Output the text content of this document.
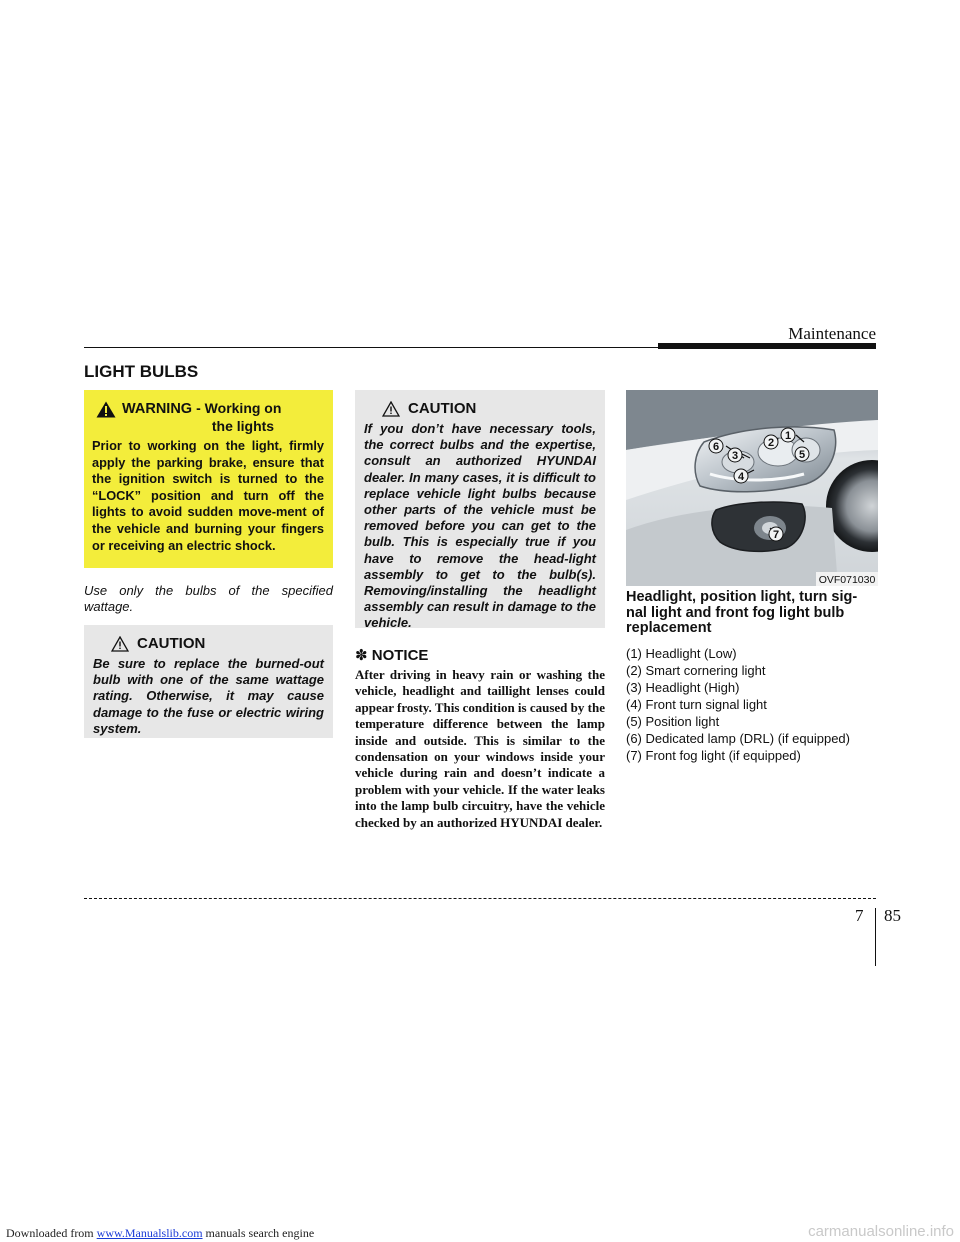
Maintenance
LIGHT BULBS
WARNING - Working on
the lights
Prior to working on the light, firmly apply the parking brake, ensure that the ignition switch is turned to the “LOCK” position and turn off the lights to avoid sudden move-ment of the vehicle and burning your fingers or receiving an electric shock.
Use only the bulbs of the specified wattage.
CAUTION
Be sure to replace the burned-out bulb with one of the same wattage rating. Otherwise, it may cause damage to the fuse or electric wiring system.
CAUTION
If you don’t have necessary tools, the correct bulbs and the expertise, consult an authorized HYUNDAI dealer. In many cases, it is difficult to replace vehicle light bulbs because other parts of the vehicle must be removed before you can get to the bulb. This is especially true if you have to remove the head-light assembly to get to the bulb(s). Removing/installing the headlight assembly can result in damage to the vehicle.
✽ NOTICE
After driving in heavy rain or washing the vehicle, headlight and taillight lenses could appear frosty. This condition is caused by the temperature difference between the lamp inside and outside. This is similar to the condensation on your windows inside your vehicle during rain and doesn’t indicate a problem with your vehicle. If the water leaks into the lamp bulb circuitry, have the vehicle checked by an authorized HYUNDAI dealer.
1
2
3
4
5
6
7
OVF071030
Headlight, position light, turn sig-nal light and front fog light bulb replacement
(1) Headlight (Low)
(2) Smart cornering light
(3) Headlight (High)
(4) Front turn signal light
(5) Position light
(6) Dedicated lamp (DRL) (if equipped)
(7) Front fog light (if equipped)
7 85
Downloaded from www.Manualslib.com manuals search engine	carmanualsonline.info
